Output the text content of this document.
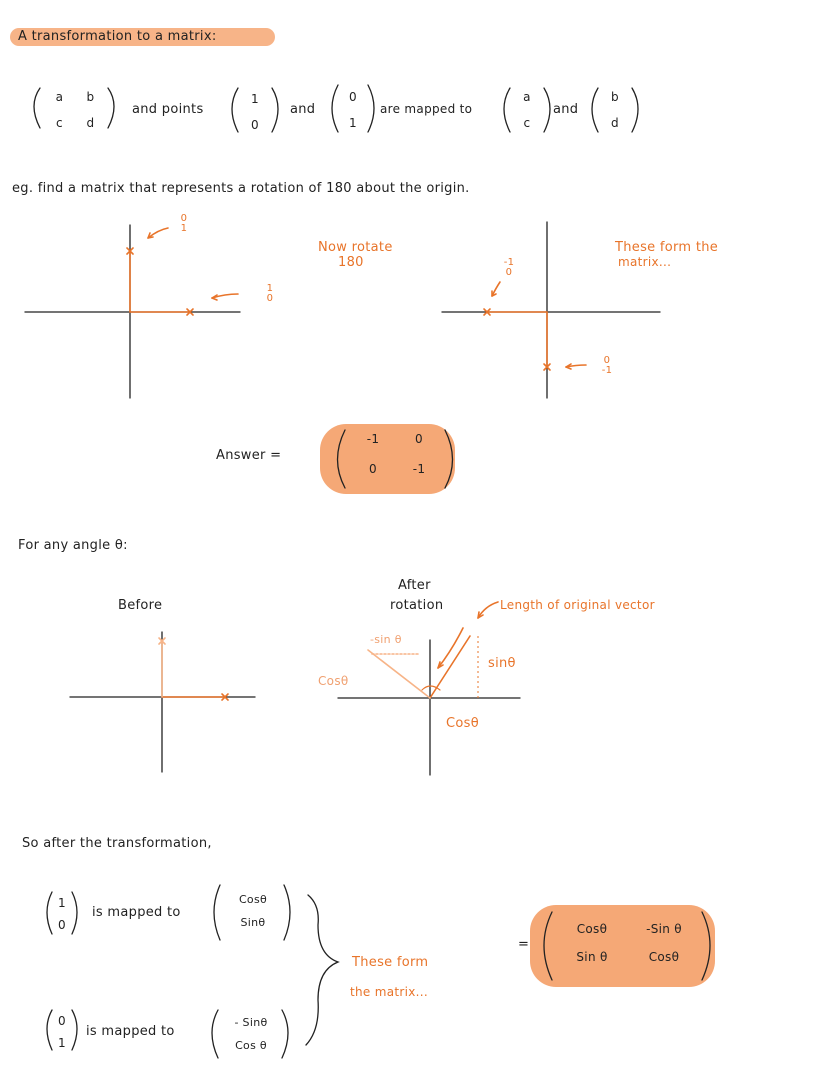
A transformation to a matrix:
a	b
c	d
and points
1
0
and
0
1
are mapped to
a
c
and
b
d
eg. find a matrix that represents a rotation of 180 about the origin.
0
1
1
0
Now rotate
180	-1
0
0
-1
These form the
matrix...
Answer =
-1	0
0	-1
For any angle θ:
Before
After
rotation	Length of original vector
-sin θ
sinθ
Cosθ
Cosθ
So after the transformation,
1
0
is mapped to
Cosθ
Sinθ
0
1
is mapped to
- Sinθ
Cos θ
These form
the matrix...
=
Cosθ	-Sin θ
Sin θ	Cosθ
